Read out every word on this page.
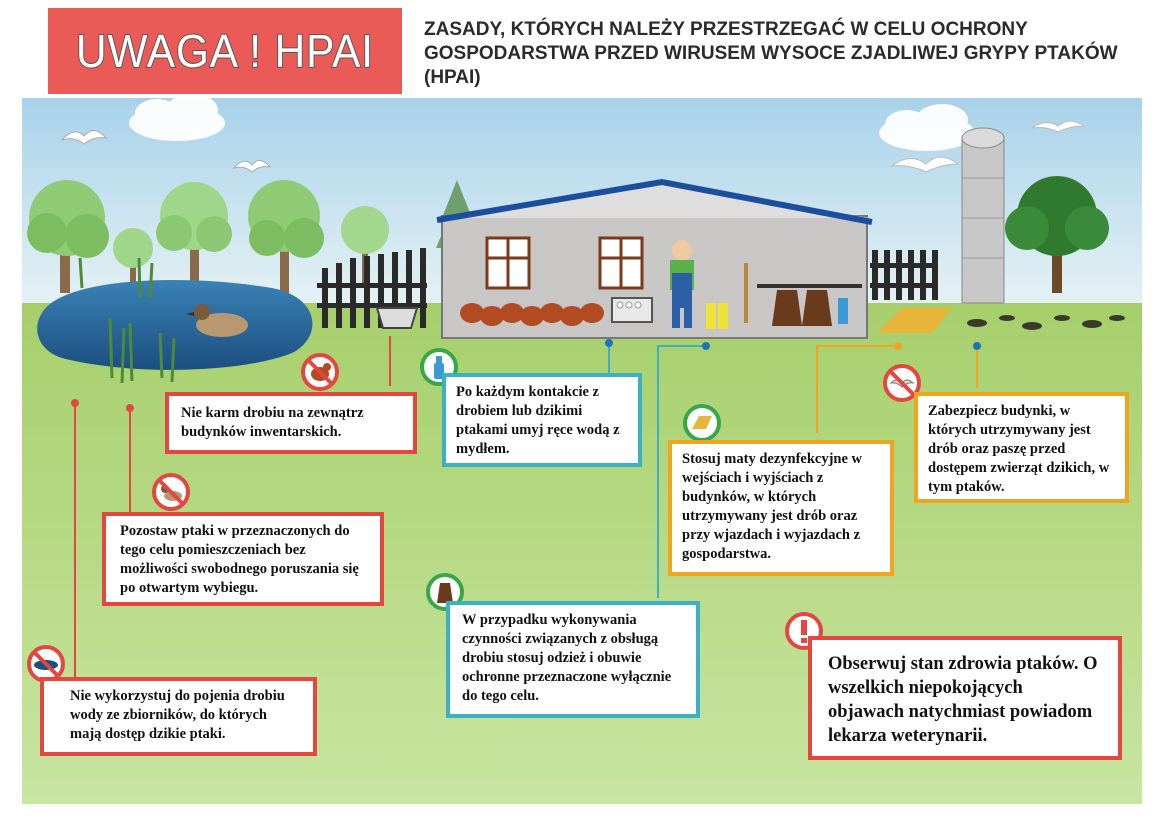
UWAGA ! HPAI	ZASADY, KTÓRYCH NALEŻY PRZESTRZEGAĆ W CELU OCHRONY GOSPODARSTWA PRZED WIRUSEM WYSOCE ZJADLIWEJ GRYPY PTAKÓW (HPAI)
Nie karm drobiu na zewnątrz budynków inwentarskich.
Po każdym kontakcie z drobiem lub dzikimi ptakami umyj ręce wodą z mydłem.
Stosuj maty dezynfekcyjne w wejściach i wyjściach z budynków, w których utrzymywany jest drób oraz przy wjazdach i wyjazdach z gospodarstwa.
Zabezpiecz budynki, w których utrzymywany jest drób oraz paszę przed dostępem zwierząt dzikich, w tym ptaków.
Pozostaw ptaki w przeznaczonych do tego celu pomieszczeniach bez możliwości swobodnego poruszania się po otwartym wybiegu.
W przypadku wykonywania czynności związanych z obsługą drobiu stosuj odzież i obuwie ochronne przeznaczone wyłącznie do tego celu.
Nie wykorzystuj do pojenia drobiu wody ze zbiorników, do których mają dostęp dzikie ptaki.
Obserwuj stan zdrowia ptaków. O wszelkich niepokojących objawach natychmiast powiadom lekarza weterynarii.
